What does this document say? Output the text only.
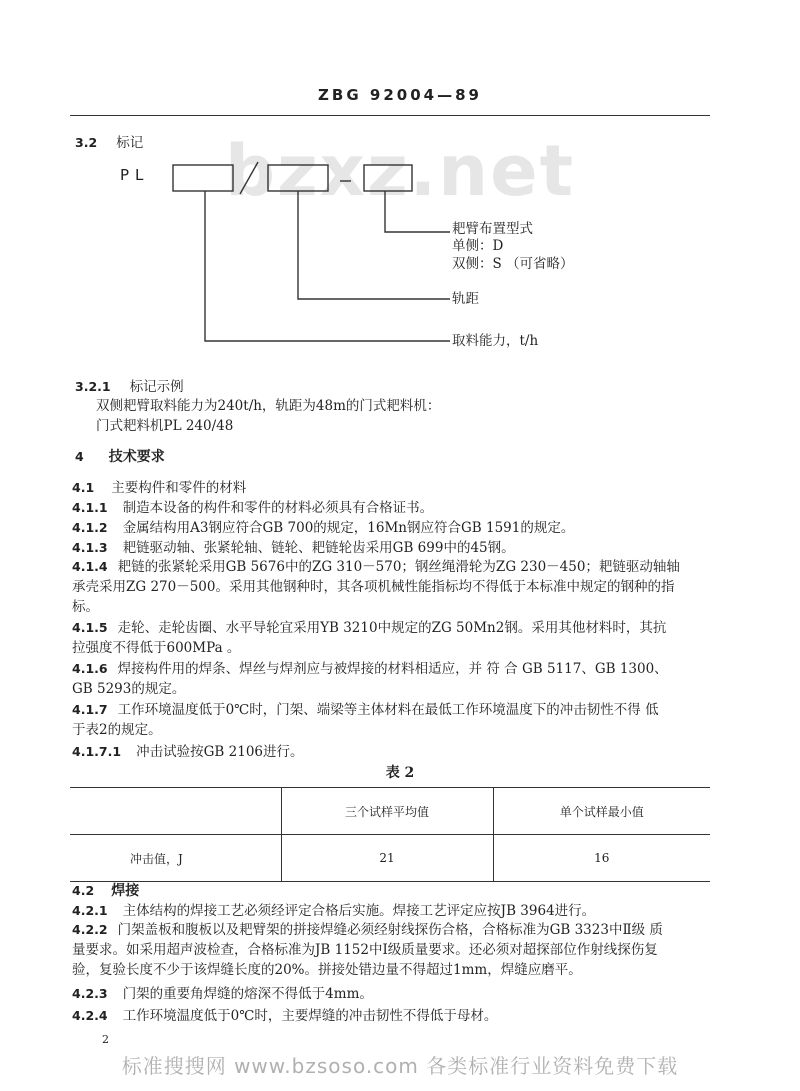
bzxz.net
ZBG 92004—89
3.2 标记
PL
耙臂布置型式
单侧：D
双侧：S （可省略）
轨距
取料能力，t/h
3.2.1 标记示例
双侧耙臂取料能力为240t/h，轨距为48m的门式耙料机：
门式耙料机PL 240/48
4 技术要求
4.1 主要构件和零件的材料
4.1.1 制造本设备的构件和零件的材料必须具有合格证书。
4.1.2 金属结构用A3钢应符合GB 700的规定，16Mn钢应符合GB 1591的规定。
4.1.3 耙链驱动轴、张紧轮轴、链轮、耙链轮齿采用GB 699中的45钢。
4.1.4 耙链的张紧轮采用GB 5676中的ZG 310－570；钢丝绳滑轮为ZG 230－450；耙链驱动轴轴
承壳采用ZG 270－500。采用其他钢种时，其各项机械性能指标均不得低于本标准中规定的钢种的指
标。
4.1.5 走轮、走轮齿圈、水平导轮宜采用YB 3210中规定的ZG 50Mn2钢。采用其他材料时，其抗
拉强度不得低于600MPa 。
4.1.6 焊接构件用的焊条、焊丝与焊剂应与被焊接的材料相适应，并 符 合 GB 5117、GB 1300、
GB 5293的规定。
4.1.7 工作环境温度低于0℃时，门架、端梁等主体材料在最低工作环境温度下的冲击韧性不得 低
于表2的规定。
4.1.7.1 冲击试验按GB 2106进行。
表 2
	三个试样平均值	单个试样最小值
冲击值，J	21	16
4.2 焊接
4.2.1 主体结构的焊接工艺必须经评定合格后实施。焊接工艺评定应按JB 3964进行。
4.2.2 门架盖板和腹板以及耙臂架的拼接焊缝必须经射线探伤合格，合格标准为GB 3323中Ⅱ级 质
量要求。如采用超声波检查，合格标准为JB 1152中Ⅰ级质量要求。还必须对超探部位作射线探伤复
验，复验长度不少于该焊缝长度的20%。拼接处错边量不得超过1mm，焊缝应磨平。
4.2.3 门架的重要角焊缝的熔深不得低于4mm。
4.2.4 工作环境温度低于0℃时，主要焊缝的冲击韧性不得低于母材。
2
标准搜搜网 www.bzsoso.com 各类标准行业资料免费下载
